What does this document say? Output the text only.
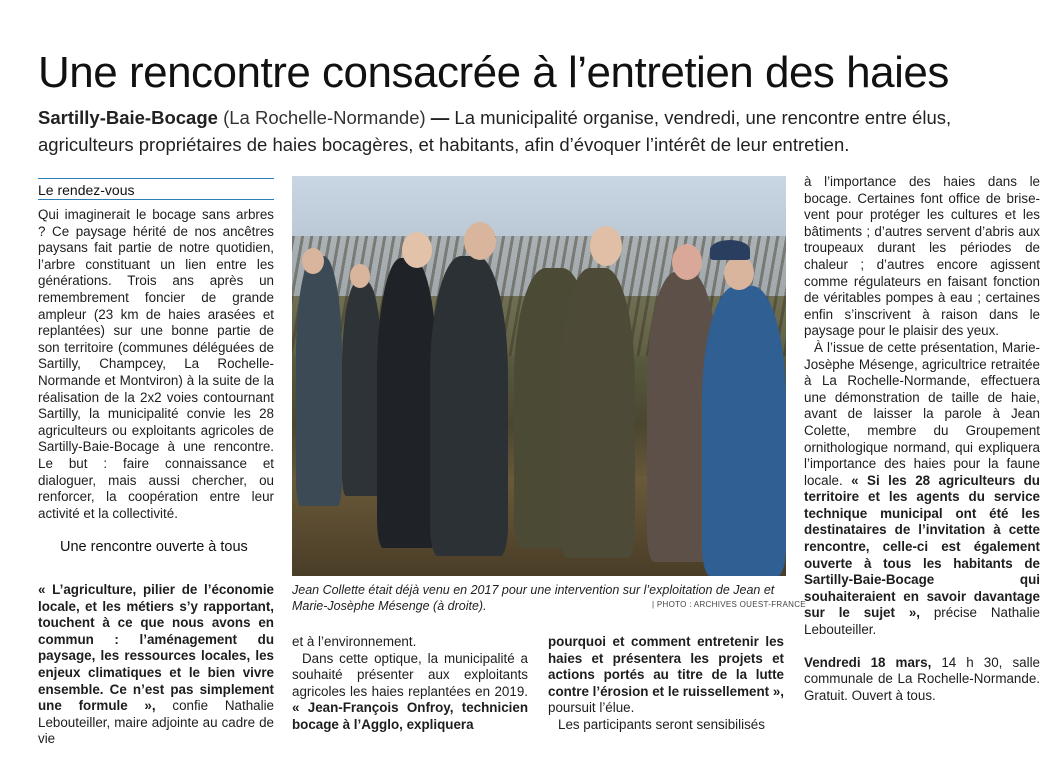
Une rencontre consacrée à l’entretien des haies
Sartilly-Baie-Bocage (La Rochelle-Normande) — La municipalité organise, vendredi, une rencontre entre élus, agriculteurs propriétaires de haies bocagères, et habitants, afin d’évoquer l’intérêt de leur entretien.
Le rendez-vous

Qui imaginerait le bocage sans arbres ? Ce paysage hérité de nos ancêtres paysans fait partie de notre quotidien, l’arbre constituant un lien entre les générations. Trois ans après un remembrement foncier de grande ampleur (23 km de haies arasées et replantées) sur une bonne partie de son territoire (communes déléguées de Sartilly, Champcey, La Rochelle-Normande et Montviron) à la suite de la réalisation de la 2x2 voies contournant Sartilly, la municipalité convie les 28 agriculteurs ou exploitants agricoles de Sartilly-Baie-Bocage à une rencontre. Le but : faire connaissance et dialoguer, mais aussi chercher, ou renforcer, la coopération entre leur activité et la collectivité.

Une rencontre ouverte à tous

« L’agriculture, pilier de l’économie locale, et les métiers s’y rapportant, touchent à ce que nous avons en commun : l’aménagement du paysage, les ressources locales, les enjeux climatiques et le bien vivre ensemble. Ce n’est pas simplement une formule », confie Nathalie Lebouteiller, maire adjointe au cadre de vie

Jean Collette était déjà venu en 2017 pour une intervention sur l’exploitation de Jean et Marie-Josèphe Mésenge (à droite).	| PHOTO : ARCHIVES OUEST-FRANCE

et à l’environnement.

Dans cette optique, la municipalité a souhaité présenter aux exploitants agricoles les haies replantées en 2019. « Jean-François Onfroy, technicien bocage à l’Agglo, expliquera

pourquoi et comment entretenir les haies et présentera les projets et actions portés au titre de la lutte contre l’érosion et le ruissellement », poursuit l’élue.

Les participants seront sensibilisés

à l’importance des haies dans le bocage. Certaines font office de brise-vent pour protéger les cultures et les bâtiments ; d’autres servent d’abris aux troupeaux durant les périodes de chaleur ; d’autres encore agissent comme régulateurs en faisant fonction de véritables pompes à eau ; certaines enfin s’inscrivent à raison dans le paysage pour le plaisir des yeux.

À l’issue de cette présentation, Marie-Josèphe Mésenge, agricultrice retraitée à La Rochelle-Normande, effectuera une démonstration de taille de haie, avant de laisser la parole à Jean Colette, membre du Groupement ornithologique normand, qui expliquera l’importance des haies pour la faune locale. « Si les 28 agriculteurs du territoire et les agents du service technique municipal ont été les destinataires de l’invitation à cette rencontre, celle-ci est également ouverte à tous les habitants de Sartilly-Baie-Bocage qui souhaiteraient en savoir davantage sur le sujet », précise Nathalie Lebouteiller.

Vendredi 18 mars, 14 h 30, salle communale de La Rochelle-Normande. Gratuit. Ouvert à tous.
